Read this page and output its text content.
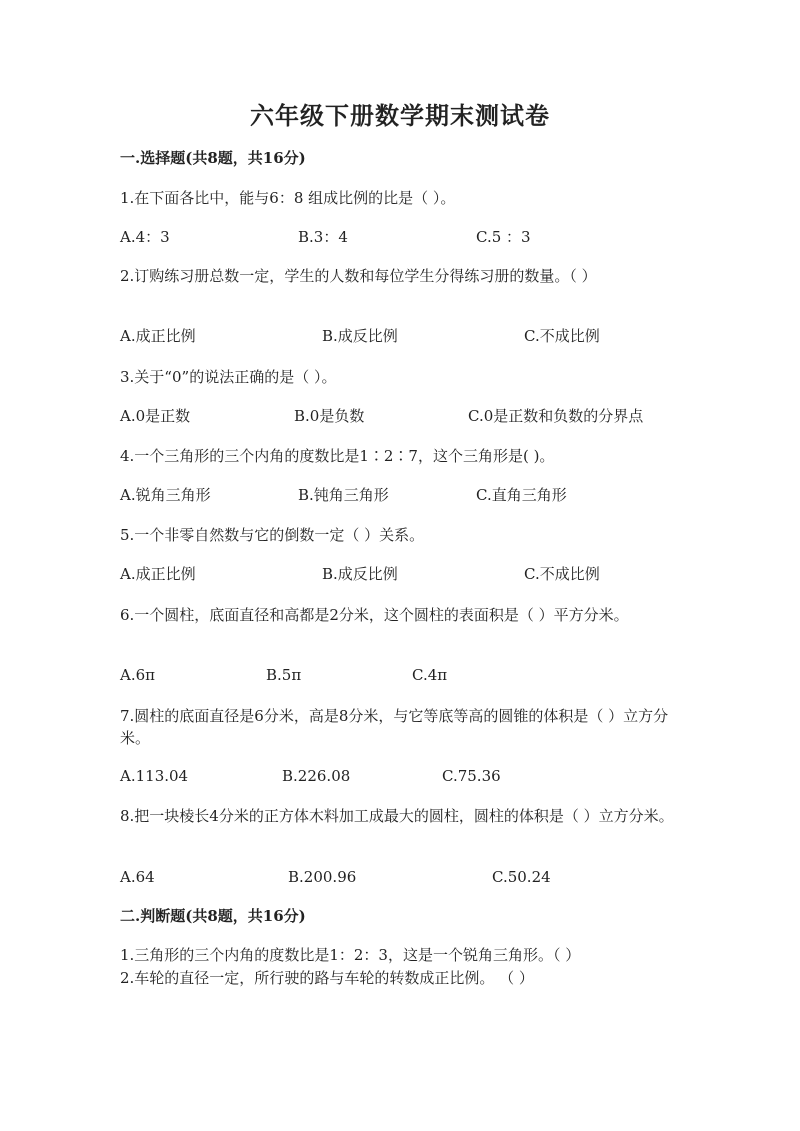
六年级下册数学期末测试卷
一.选择题(共8题，共16分)
1.在下面各比中，能与6：8 组成比例的比是（ ）。
A.4：3	B.3：4	C.5 ：3
2.订购练习册总数一定，学生的人数和每位学生分得练习册的数量。（ ）
A.成正比例	B.成反比例	C.不成比例
3.关于“0”的说法正确的是（ ）。
A.0是正数	B.0是负数	C.0是正数和负数的分界点
4.一个三角形的三个内角的度数比是1∶2∶7，这个三角形是( )。
A.锐角三角形	B.钝角三角形	C.直角三角形
5.一个非零自然数与它的倒数一定（ ）关系。
A.成正比例	B.成反比例	C.不成比例
6.一个圆柱，底面直径和高都是2分米，这个圆柱的表面积是（ ）平方分米。
A.6π	B.5π	C.4π
7.圆柱的底面直径是6分米，高是8分米，与它等底等高的圆锥的体积是（ ）立方分米。
A.113.04	B.226.08	C.75.36
8.把一块棱长4分米的正方体木料加工成最大的圆柱，圆柱的体积是（ ）立方分米。
A.64	B.200.96	C.50.24
二.判断题(共8题，共16分)
1.三角形的三个内角的度数比是1：2：3，这是一个锐角三角形。（ ）
2.车轮的直径一定，所行驶的路与车轮的转数成正比例。 （ ）
